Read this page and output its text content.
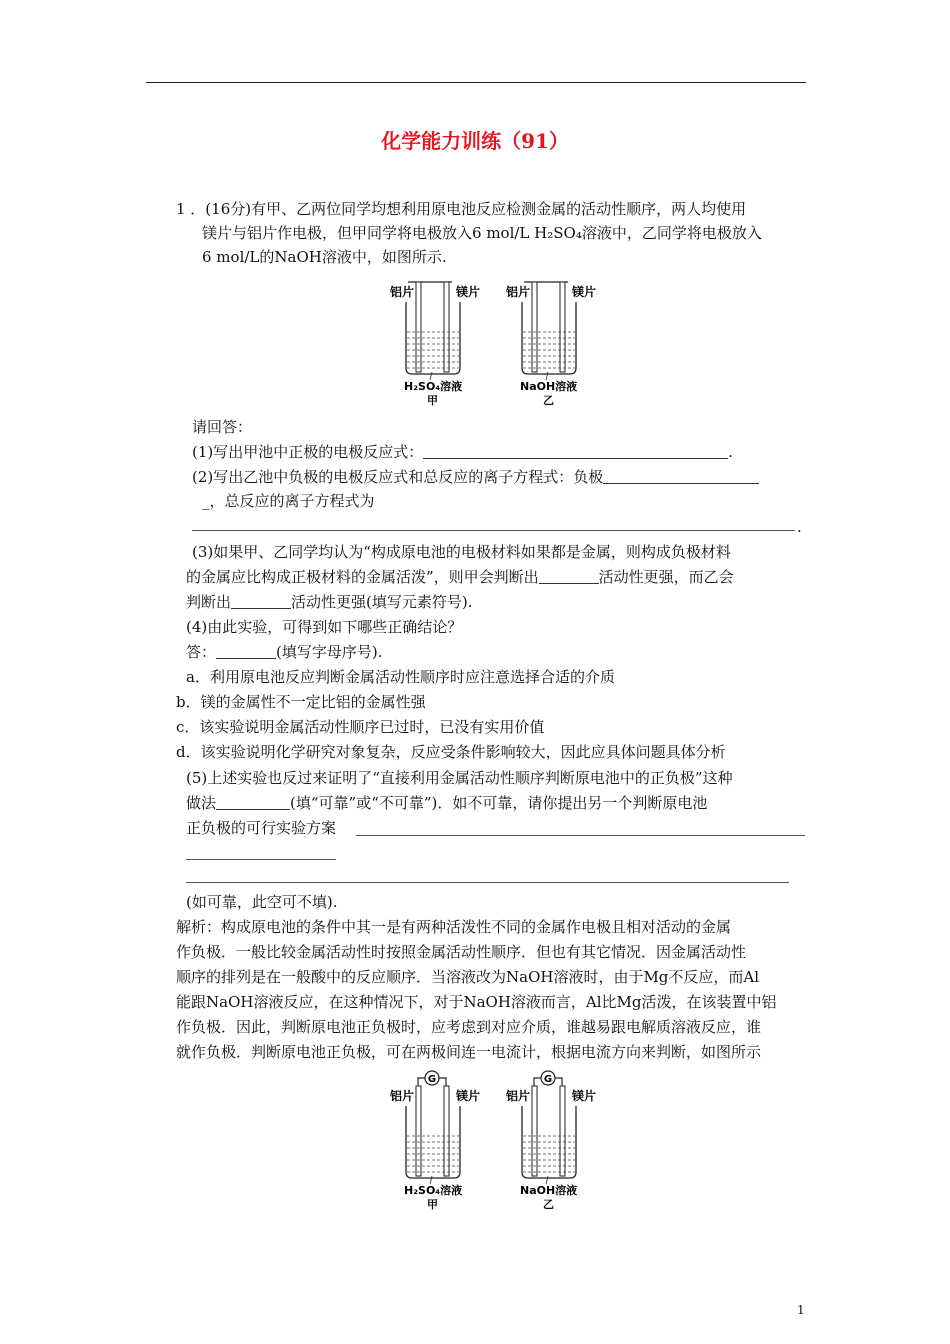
化学能力训练（91）
1 ．(16分)有甲、乙两位同学均想利用原电池反应检测金属的活动性顺序，两人均使用
镁片与铝片作电极，但甲同学将电极放入6 mol/L H₂SO₄溶液中，乙同学将电极放入
6 mol/L的NaOH溶液中，如图所示.
铝片	镁片
H₂SO₄溶液
甲
铝片	镁片
NaOH溶液
乙
请回答：
(1)写出甲池中正极的电极反应式：	.
(2)写出乙池中负极的电极反应式和总反应的离子方程式：负极
_，总反应的离子方程式为
.
(3)如果甲、乙同学均认为“构成原电池的电极材料如果都是金属，则构成负极材料
的金属应比构成正极材料的金属活泼”，则甲会判断出	活动性更强，而乙会
判断出	活动性更强(填写元素符号).
(4)由此实验，可得到如下哪些正确结论？
答：	(填写字母序号).
a．利用原电池反应判断金属活动性顺序时应注意选择合适的介质
b．镁的金属性不一定比铝的金属性强
c．该实验说明金属活动性顺序已过时，已没有实用价值
d．该实验说明化学研究对象复杂，反应受条件影响较大，因此应具体问题具体分析
(5)上述实验也反过来证明了“直接利用金属活动性顺序判断原电池中的正负极”这种
做法	(填“可靠”或“不可靠”)．如不可靠，请你提出另一个判断原电池
正负极的可行实验方案
(如可靠，此空可不填).
解析：构成原电池的条件中其一是有两种活泼性不同的金属作电极且相对活动的金属
作负极．一般比较金属活动性时按照金属活动性顺序．但也有其它情况．因金属活动性
顺序的排列是在一般酸中的反应顺序．当溶液改为NaOH溶液时，由于Mg不反应，而Al
能跟NaOH溶液反应，在这种情况下，对于NaOH溶液而言，Al比Mg活泼，在该装置中铝
作负极．因此，判断原电池正负极时，应考虑到对应介质，谁越易跟电解质溶液反应，谁
就作负极．判断原电池正负极，可在两极间连一电流计，根据电流方向来判断，如图所示
铝片	镁片
G
H₂SO₄溶液
甲
铝片	镁片
G
NaOH溶液
乙
1
